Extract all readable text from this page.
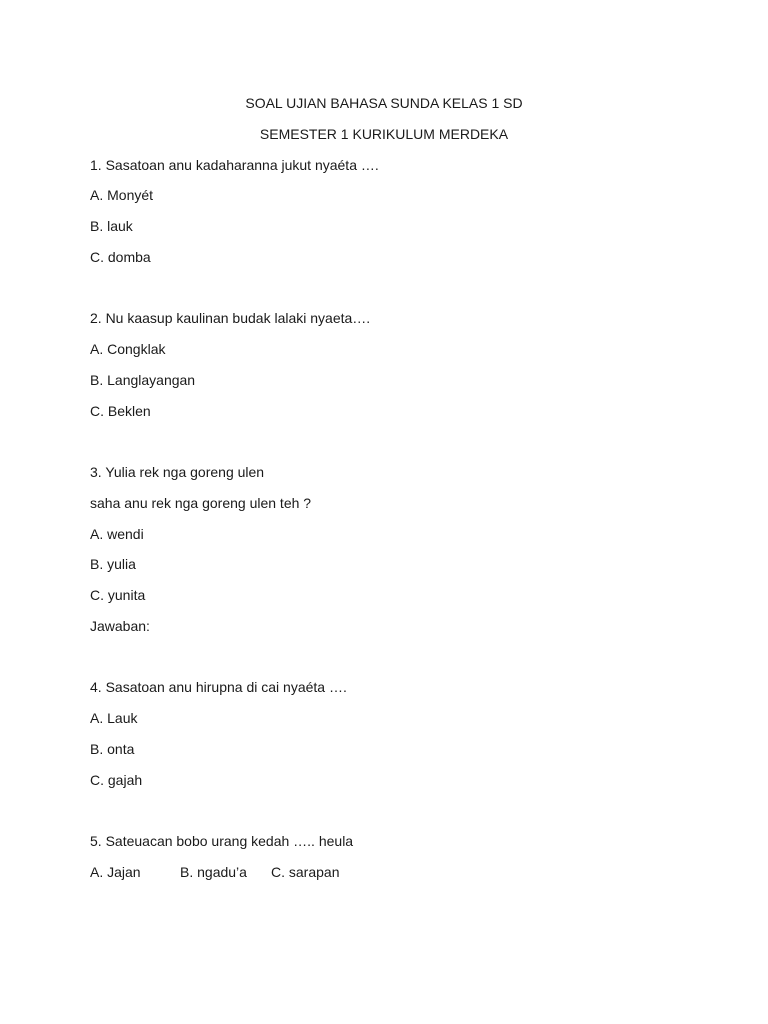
SOAL UJIAN BAHASA SUNDA KELAS 1 SD
SEMESTER 1 KURIKULUM MERDEKA
1. Sasatoan anu kadaharanna jukut nyaéta ….
A. Monyét
B. lauk
C. domba
2. Nu kaasup kaulinan budak lalaki nyaeta….
A. Congklak
B. Langlayangan
C. Beklen
3. Yulia rek nga goreng ulen
saha anu rek nga goreng ulen teh ?
A. wendi
B. yulia
C. yunita
Jawaban:
4. Sasatoan anu hirupna di cai nyaéta ….
A. Lauk
B. onta
C. gajah
5. Sateuacan bobo urang kedah ….. heula
A. Jajan	B. ngadu’a C. sarapan
